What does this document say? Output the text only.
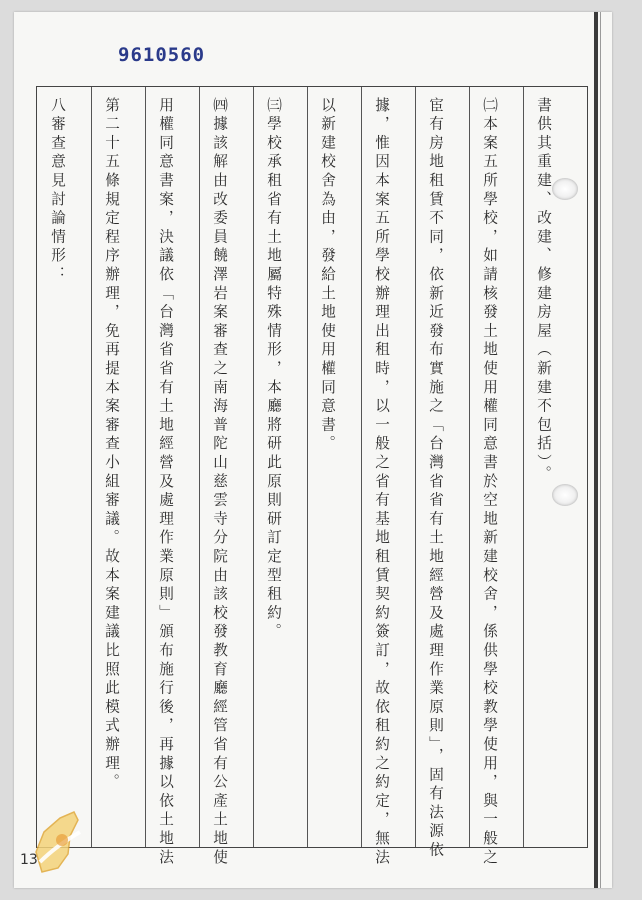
9610560
書供其重建、改建、修建房屋（新建不包括）。
㈡本案五所學校，如請核發土地使用權同意書於空地新建校舍，係供學校教學使用，與一般之
宦有房地租賃不同，依新近發布實施之「台灣省省有土地經營及處理作業原則」，固有法源依
據，惟因本案五所學校辦理出租時，以一般之省有基地租賃契約簽訂，故依租約之約定，無法
以新建校舍為由，發給土地使用權同意書。
㈢學校承租省有土地屬特殊情形，本廳將研此原則研訂定型租約。
㈣據該解由改委員饒澤岩案審查之南海普陀山慈雲寺分院由該校發教育廳經管省有公產土地使
用權同意書案，決議依「台灣省省有土地經營及處理作業原則」頒布施行後，再據以依土地法
第二十五條規定程序辦理，免再提本案審查小組審議。故本案建議比照此模式辦理。
八審查意見討論情形：
13
